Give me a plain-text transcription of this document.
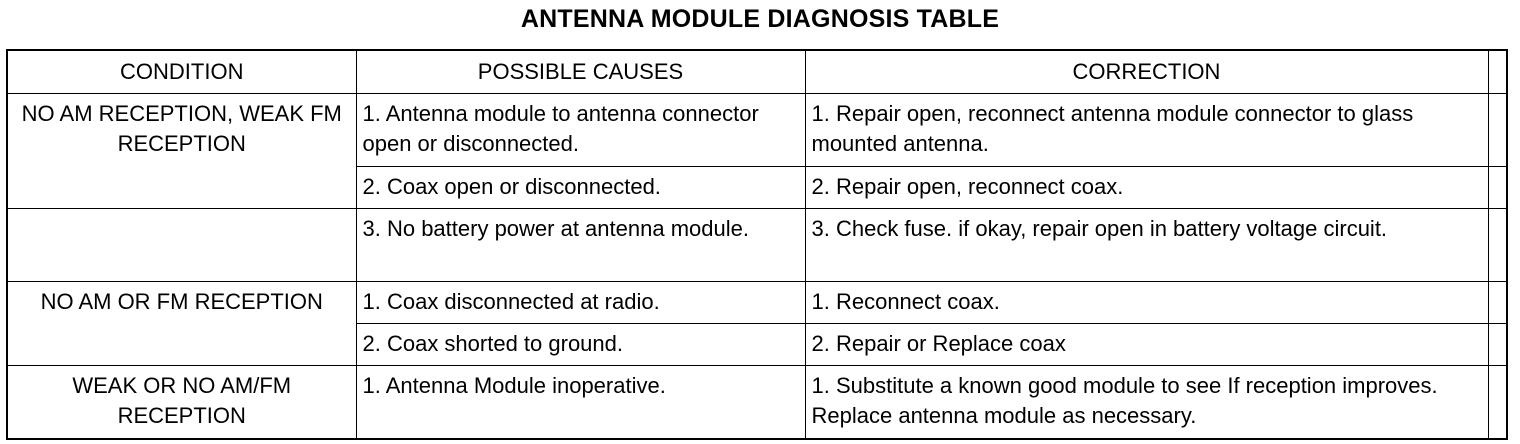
ANTENNA MODULE DIAGNOSIS TABLE
CONDITION	POSSIBLE CAUSES	CORRECTION	
NO AM RECEPTION, WEAK FM RECEPTION	1. Antenna module to antenna connector open or disconnected.	1. Repair open, reconnect antenna module connector to glass mounted antenna.	
	2. Coax open or disconnected.	2. Repair open, reconnect coax.	
	3. No battery power at antenna module.	3. Check fuse. if okay, repair open in battery voltage circuit.	
NO AM OR FM RECEPTION	1. Coax disconnected at radio.	1. Reconnect coax.	
	2. Coax shorted to ground.	2. Repair or Replace coax	
WEAK OR NO AM/FM RECEPTION	1. Antenna Module inoperative.	1. Substitute a known good module to see If reception improves. Replace antenna module as necessary.	
